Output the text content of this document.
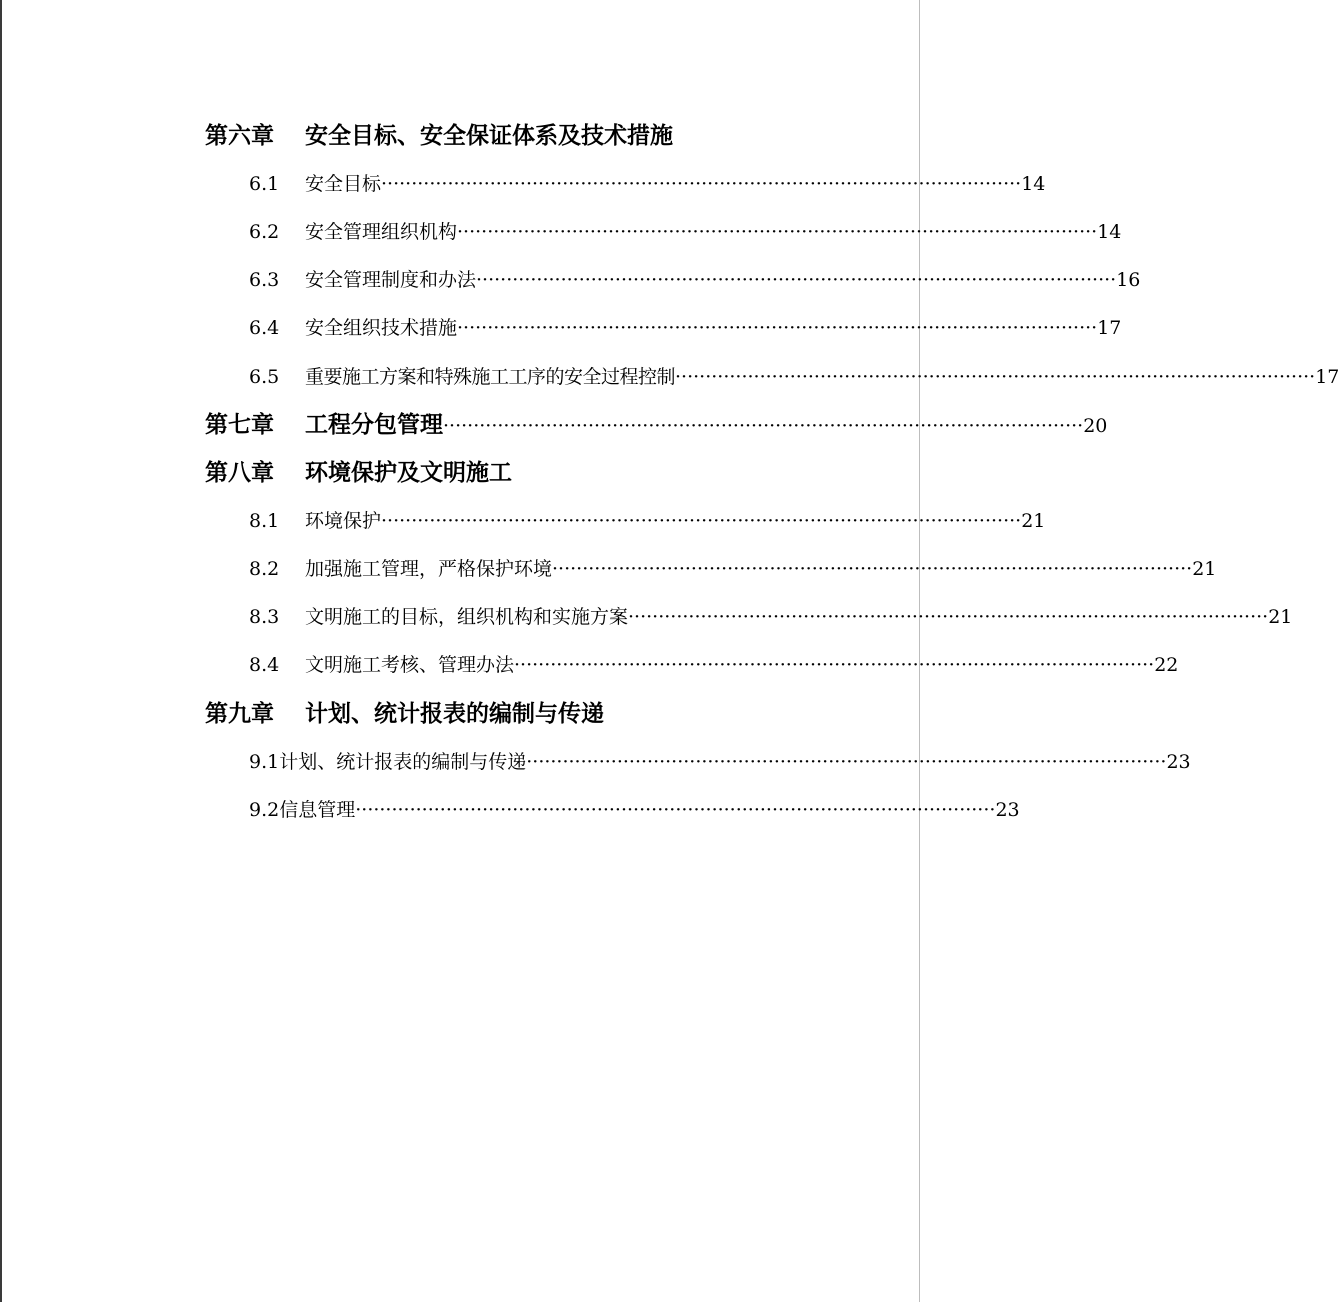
第六章 安全目标、安全保证体系及技术措施
6.1 安全目标 ·········································································································· 14
6.2 安全管理组织机构 ·········································································································· 14
6.3 安全管理制度和办法 ·········································································································· 16
6.4 安全组织技术措施 ·········································································································· 17
6.5 重要施工方案和特殊施工工序的安全过程控制 ·········································································································· 17
第七章 工程分包管理 ·········································································································· 20
第八章 环境保护及文明施工
8.1 环境保护 ·········································································································· 21
8.2 加强施工管理，严格保护环境 ·········································································································· 21
8.3 文明施工的目标，组织机构和实施方案 ·········································································································· 21
8.4 文明施工考核、管理办法 ·········································································································· 22
第九章 计划、统计报表的编制与传递
9.1 计划、统计报表的编制与传递 ·········································································································· 23
9.2 信息管理 ·········································································································· 23
